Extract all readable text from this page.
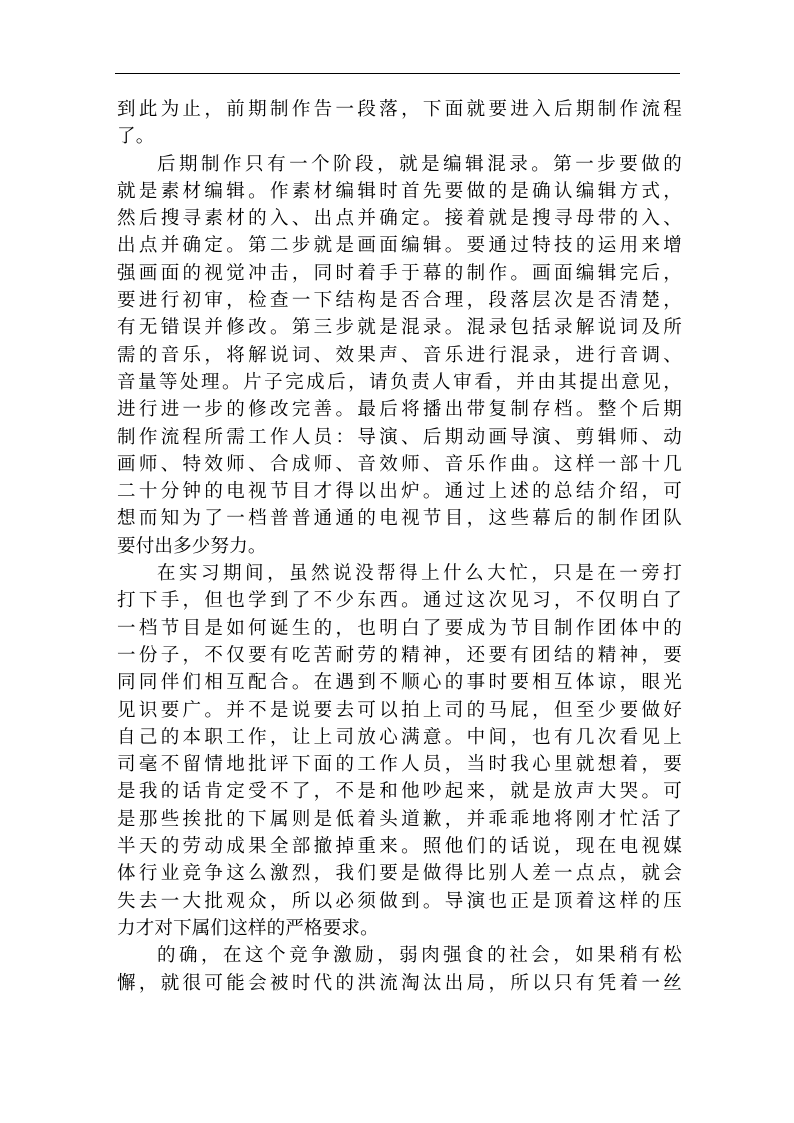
到此为止，前期制作告一段落，下面就要进入后期制作流程
了。
后期制作只有一个阶段，就是编辑混录。第一步要做的
就是素材编辑。作素材编辑时首先要做的是确认编辑方式，
然后搜寻素材的入、出点并确定。接着就是搜寻母带的入、
出点并确定。第二步就是画面编辑。要通过特技的运用来增
强画面的视觉冲击，同时着手于幕的制作。画面编辑完后，
要进行初审，检查一下结构是否合理，段落层次是否清楚，
有无错误并修改。第三步就是混录。混录包括录解说词及所
需的音乐，将解说词、效果声、音乐进行混录，进行音调、
音量等处理。片子完成后，请负责人审看，并由其提出意见，
进行进一步的修改完善。最后将播出带复制存档。整个后期
制作流程所需工作人员：导演、后期动画导演、剪辑师、动
画师、特效师、合成师、音效师、音乐作曲。这样一部十几
二十分钟的电视节目才得以出炉。通过上述的总结介绍，可
想而知为了一档普普通通的电视节目，这些幕后的制作团队
要付出多少努力。
在实习期间，虽然说没帮得上什么大忙，只是在一旁打
打下手，但也学到了不少东西。通过这次见习，不仅明白了
一档节目是如何诞生的，也明白了要成为节目制作团体中的
一份子，不仅要有吃苦耐劳的精神，还要有团结的精神，要
同同伴们相互配合。在遇到不顺心的事时要相互体谅，眼光
见识要广。并不是说要去可以拍上司的马屁，但至少要做好
自己的本职工作，让上司放心满意。中间，也有几次看见上
司毫不留情地批评下面的工作人员，当时我心里就想着，要
是我的话肯定受不了，不是和他吵起来，就是放声大哭。可
是那些挨批的下属则是低着头道歉，并乖乖地将刚才忙活了
半天的劳动成果全部撤掉重来。照他们的话说，现在电视媒
体行业竞争这么激烈，我们要是做得比别人差一点点，就会
失去一大批观众，所以必须做到。导演也正是顶着这样的压
力才对下属们这样的严格要求。
的确，在这个竞争激励，弱肉强食的社会，如果稍有松
懈，就很可能会被时代的洪流淘汰出局，所以只有凭着一丝
